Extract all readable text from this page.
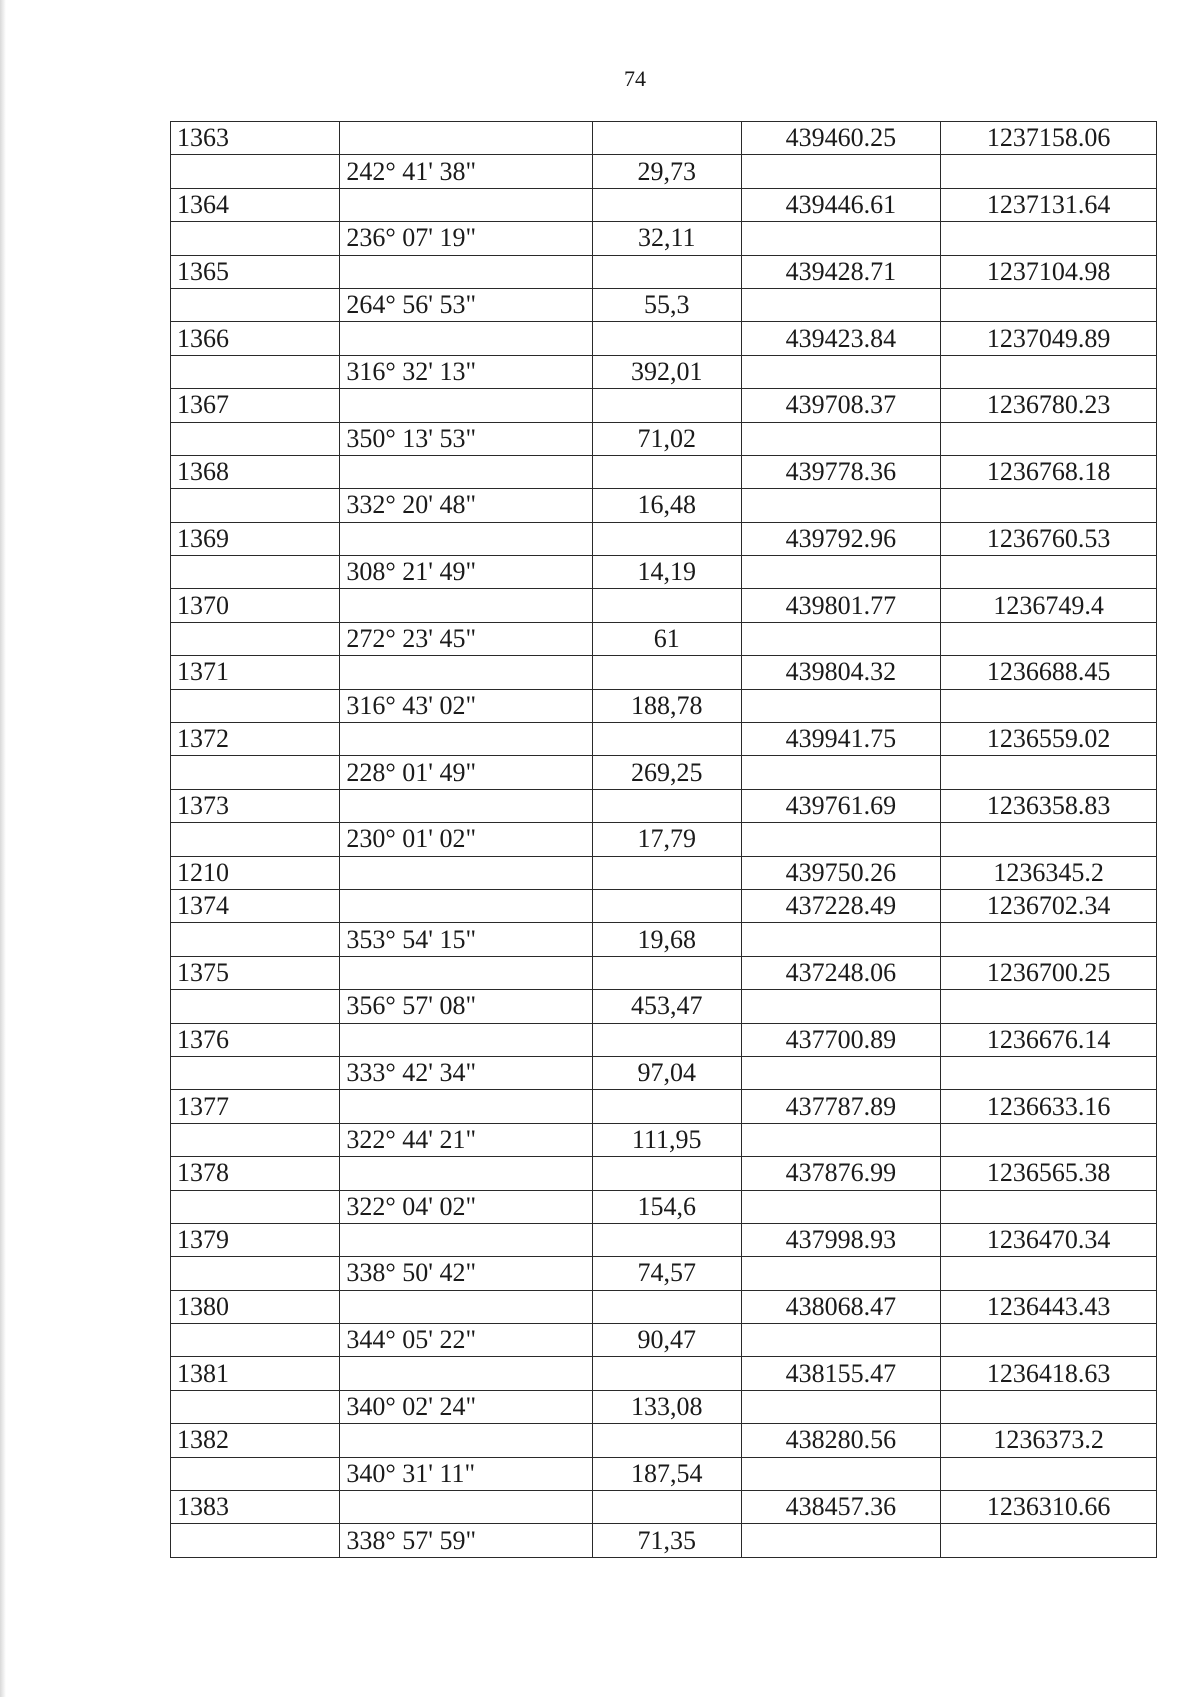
74
1363			439460.25	1237158.06
	242° 41' 38"	29,73		
1364			439446.61	1237131.64
	236° 07' 19"	32,11		
1365			439428.71	1237104.98
	264° 56' 53"	55,3		
1366			439423.84	1237049.89
	316° 32' 13"	392,01		
1367			439708.37	1236780.23
	350° 13' 53"	71,02		
1368			439778.36	1236768.18
	332° 20' 48"	16,48		
1369			439792.96	1236760.53
	308° 21' 49"	14,19		
1370			439801.77	1236749.4
	272° 23' 45"	61		
1371			439804.32	1236688.45
	316° 43' 02"	188,78		
1372			439941.75	1236559.02
	228° 01' 49"	269,25		
1373			439761.69	1236358.83
	230° 01' 02"	17,79		
1210			439750.26	1236345.2
1374			437228.49	1236702.34
	353° 54' 15"	19,68		
1375			437248.06	1236700.25
	356° 57' 08"	453,47		
1376			437700.89	1236676.14
	333° 42' 34"	97,04		
1377			437787.89	1236633.16
	322° 44' 21"	111,95		
1378			437876.99	1236565.38
	322° 04' 02"	154,6		
1379			437998.93	1236470.34
	338° 50' 42"	74,57		
1380			438068.47	1236443.43
	344° 05' 22"	90,47		
1381			438155.47	1236418.63
	340° 02' 24"	133,08		
1382			438280.56	1236373.2
	340° 31' 11"	187,54		
1383			438457.36	1236310.66
	338° 57' 59"	71,35		
